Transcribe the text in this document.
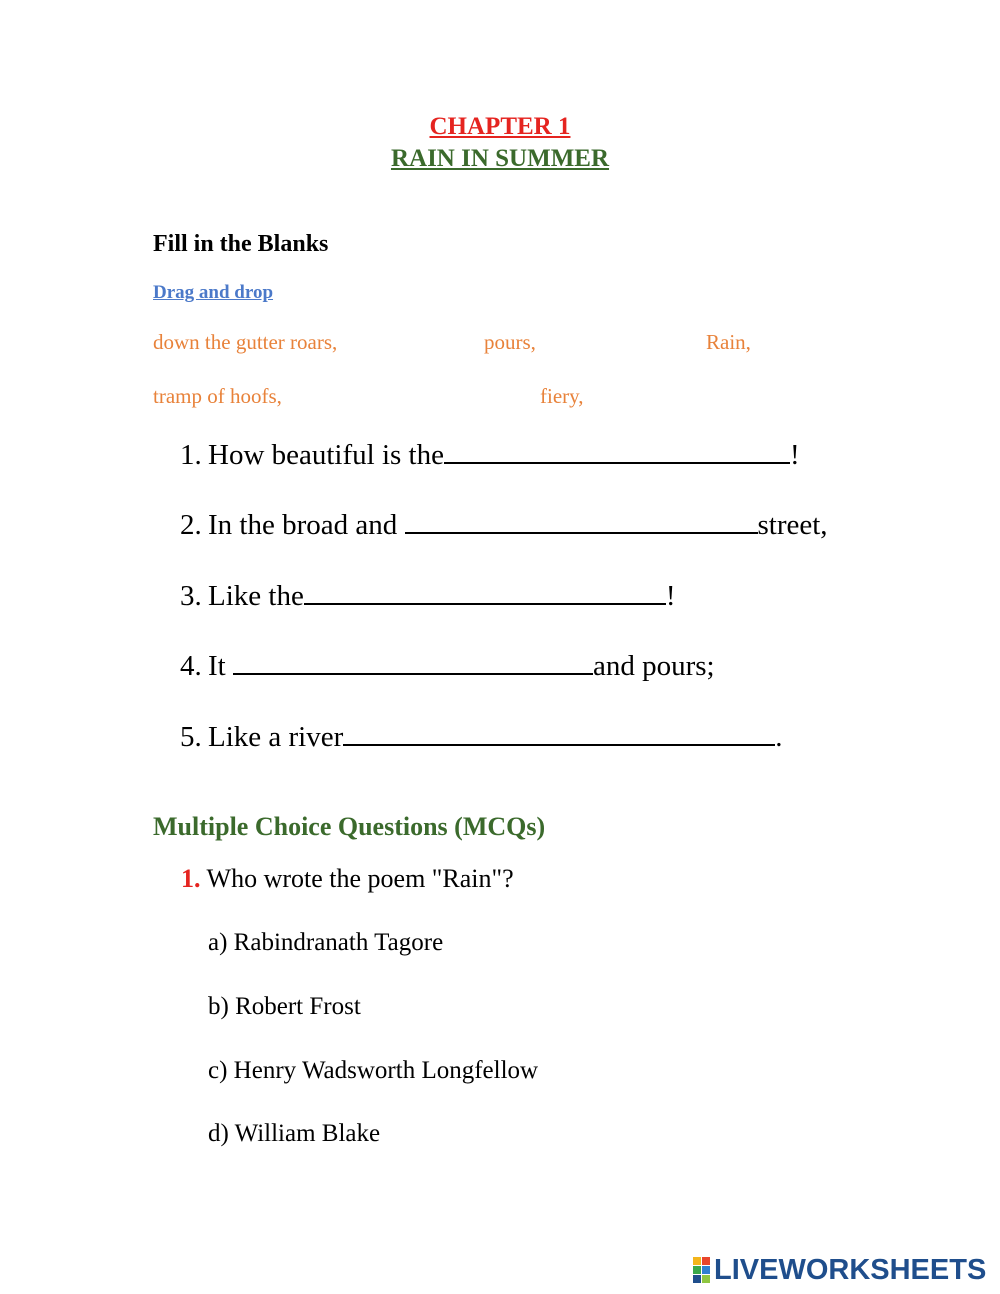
CHAPTER 1
RAIN IN SUMMER
Fill in the Blanks
Drag and drop
down the gutter roars,	pours,	Rain,
tramp of hoofs,	fiery,
1. How beautiful is the	!
2. In the broad and	street,
3. Like the	!
4. It	and pours;
5. Like a river	.
Multiple Choice Questions (MCQs)
1. Who wrote the poem "Rain"?
a) Rabindranath Tagore
b) Robert Frost
c) Henry Wadsworth Longfellow
d) William Blake
LIVEWORKSHEETS
